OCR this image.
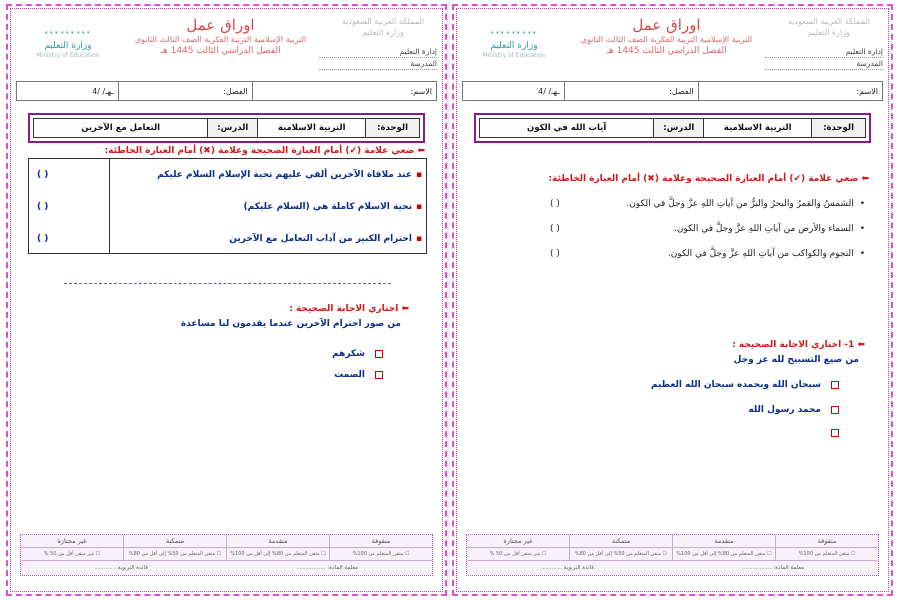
المملكة العربية السعودية وزارة التعليم
إدارة التعليم
المدرسة
اوراق عمل
التربية الإسلامية التربية الفكرية الصف الثالث الثانوي
الفصل الدراسي الثالث 1445 هـ
⋯⋯⋯
وزارة التعليم
Ministry of Education
الاسم:
الفصل:
4/ /ـهـ
الوحدة:
التربية الاسلامية
الدرس:
التعامل مع الآخرين
⬅ ضعي علامة (✔) أمام العبارة الصحيحة وعلامة (✖) أمام العبارة الخاطئة:
▪
عند ملاقاة الآخرين ألقي عليهم تحية الإسلام السلام عليكم
( )
▪
تحية الاسلام كاملة هي (السلام عليكم)
( )
▪
احترام الكبير من آداب التعامل مع الآخرين
( )
⬅ اختاري الاجابة الصحيحة :
من صور احترام الآخرين عندما يقدمون لنا مساعدة
شكرهم
الصمت
متفوقة
متقدمة
متمكنة
غير مجتازة
☐ متقن المتعلم من 100%
☐ متقن المتعلم من 80% إلى أقل من 100%
☐ متقن المتعلم من 50% إلى أقل من 80%
☐ غير متقن أقل من 50 %
معلمة المادة: .................
قائدة التربوية ............
المملكة العربية السعودية وزارة التعليم
إدارة التعليم
المدرسة
اوراق عمل
التربية الإسلامية التربية الفكرية الصف الثالث الثانوي
الفصل الدراسي الثالث 1445 هـ
⋯⋯⋯
وزارة التعليم
Ministry of Education
الاسم:
الفصل:
4/ /ـهـ
الوحدة:
التربية الاسلامية
الدرس:
آيات الله في الكون
⬅ ضعي علامة (✔) أمام العبارة الصحيحة وعلامة (✖) أمام العبارة الخاطئة:
•
الشمسُ والقمرُ والبحرُ والبرُّ من آياتِ اللهِ عزَّ وجلَّ في الكون.
( )
•
السماء والأرض من آياتِ اللهِ عزَّ وجلَّ في الكون.
( )
•
النجوم والكواكب من آياتِ اللهِ عزَّ وجلَّ في الكون.
( )
⬅ 1- اختاري الاجابة الصحيحة :
من صيغ التسبيح لله عز وجل
سبحان الله وبحمده سبحان الله العظيم
محمد رسول الله
متفوقة
متقدمة
متمكنة
غير مجتازة
☐ متقن المتعلم من 100%
☐ متقن المتعلم من 80% إلى أقل من 100%
☐ متقن المتعلم من 50% إلى أقل من 80%
☐ غير متقن أقل من 50 %
معلمة المادة: .................
قائدة التربوية ............
